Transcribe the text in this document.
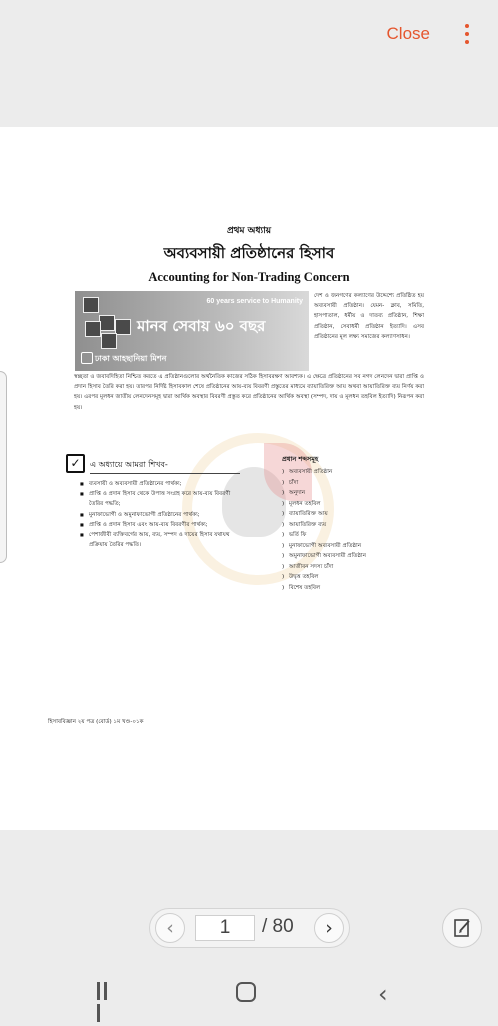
Close
প্রথম অধ্যায়
অব্যবসায়ী প্রতিষ্ঠানের হিসাব
Accounting for Non-Trading Concern
60 years service to Humanity
মানব সেবায় ৬০ বছর
ঢাকা আহছানিয়া মিশন
দেশ ও জনগণের কল্যাণের উদ্দেশ্যে প্রতিষ্ঠিত হয় অব্যবসায়ী প্রতিষ্ঠান। যেমন- ক্লাব, সমিতি, হাসপাতাল, ধর্মীয় ও দাতব্য প্রতিষ্ঠান, শিক্ষা প্রতিষ্ঠান, সেবাধর্মী প্রতিষ্ঠান ইত্যাদি। এসব প্রতিষ্ঠানের মূল লক্ষ্য সমাজের কল্যাণসাধন।
স্বচ্ছতা ও জবাবদিহিতা নিশ্চিত করতে এ প্রতিষ্ঠানগুলোর অর্থনৈতিক কাজের সঠিক হিসাবরক্ষণ আবশ্যক। এ ক্ষেত্রে প্রতিষ্ঠানের সব নগদ লেনদেন দ্বারা প্রাপ্তি ও প্রদান হিসাব তৈরি করা হয়। তারপর নির্দিষ্ট হিসাবকাল শেষে প্রতিষ্ঠানের আয়-ব্যয় বিবরণী প্রস্তুতের মাধ্যমে ব্যায়াতিরিক্ত আয় অথবা আয়াতিরিক্ত ব্যয় নির্ণয় করা হয়। এরপর মূলধন জাতীয় লেনদেনসমূহ দ্বারা আর্থিক অবস্থার বিবরণী প্রস্তুত করে প্রতিষ্ঠানের আর্থিক অবস্থা (সম্পদ, দায় ও মূলধন তহবিল ইত্যাদি) নিরূপন করা হয়।
✓	এ অধ্যায়ে আমরা শিখব-
■ ব্যবসায়ী ও অব্যবসায়ী প্রতিষ্ঠানের পার্থক্য;
■ প্রাপ্তি ও প্রদান হিসাব থেকে উপাত্ত সংগ্রহ করে আয়-ব্যয় বিবরণী তৈরির পদ্ধতি;
■ মুনাফাভোগী ও অমুনাফাভোগী প্রতিষ্ঠানের পার্থক্য;
■ প্রাপ্তি ও প্রদান হিসাব এবং আয়-ব্যয় বিবরণীর পার্থক্য;
■ পেশাজীবী ব্যক্তিবর্গের আয়, ব্যয়, সম্পদ ও দায়ের হিসাব যথাযথ প্রক্রিয়ায় তৈরির পদ্ধতি।
প্রধান শব্দসমূহ
) অব্যবসায়ী প্রতিষ্ঠান
) চাঁদা
) অনুদান
) মূলধন তহবিল
) ব্যায়াতিরিক্ত আয়
) আয়াতিরিক্ত ব্যয়
) ভর্তি ফি
) মুনাফাভোগী অব্যবসায়ী প্রতিষ্ঠান
) অমুনাফাভোগী অব্যবসায়ী প্রতিষ্ঠান
) আজীবন সদস্য চাঁদা
) উদ্বৃত্ত তহবিল
) বিশেষ তহবিল
হিসাববিজ্ঞান ২য় পত্র (বোর্ড) ১ম খণ্ড-০১ক
‹	1	/ 80	›
‹
